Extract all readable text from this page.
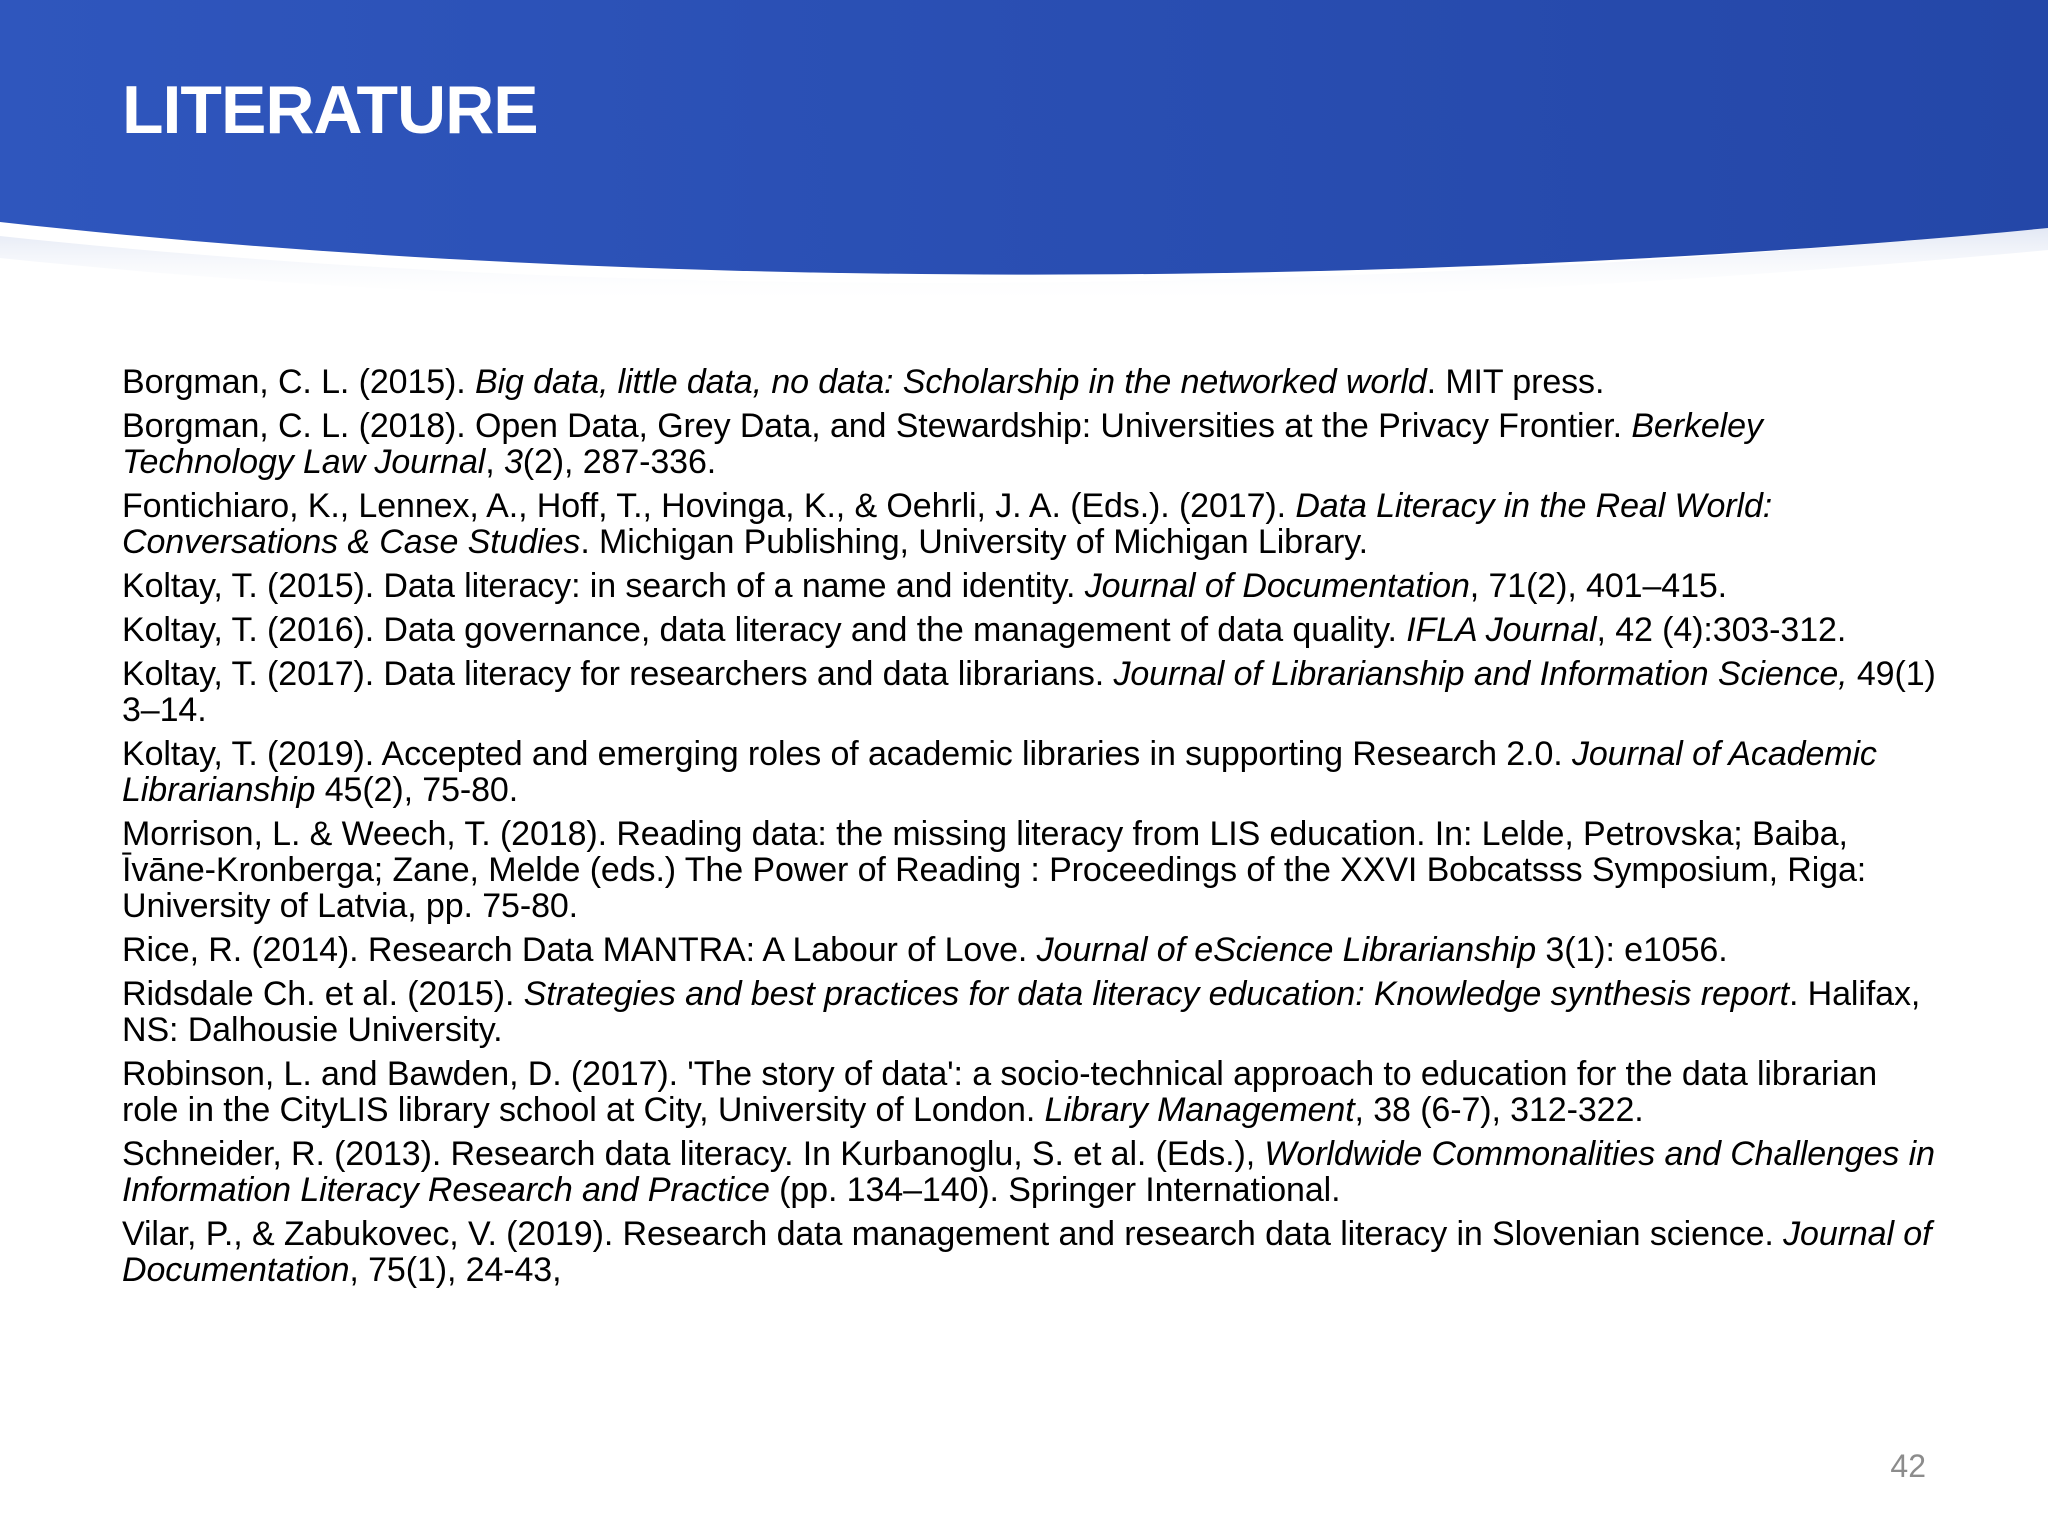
LITERATURE
Borgman, C. L. (2015). Big data, little data, no data: Scholarship in the networked world. MIT press.
Borgman, C. L. (2018). Open Data, Grey Data, and Stewardship: Universities at the Privacy Frontier. Berkeley Technology Law Journal, 3(2), 287-336.
Fontichiaro, K., Lennex, A., Hoff, T., Hovinga, K., & Oehrli, J. A. (Eds.). (2017). Data Literacy in the Real World: Conversations & Case Studies. Michigan Publishing, University of Michigan Library.
Koltay, T. (2015). Data literacy: in search of a name and identity. Journal of Documentation, 71(2), 401–415.
Koltay, T. (2016). Data governance, data literacy and the management of data quality. IFLA Journal, 42 (4):303-312.
Koltay, T. (2017). Data literacy for researchers and data librarians. Journal of Librarianship and Information Science, 49(1) 3–14.
Koltay, T. (2019). Accepted and emerging roles of academic libraries in supporting Research 2.0. Journal of Academic Librarianship 45(2), 75-80.
Morrison, L. & Weech, T. (2018). Reading data: the missing literacy from LIS education. In: Lelde, Petrovska; Baiba, Īvāne-Kronberga; Zane, Melde (eds.) The Power of Reading : Proceedings of the XXVI Bobcatsss Symposium, Riga: University of Latvia, pp. 75-80.
Rice, R. (2014). Research Data MANTRA: A Labour of Love. Journal of eScience Librarianship 3(1): e1056.
Ridsdale Ch. et al. (2015). Strategies and best practices for data literacy education: Knowledge synthesis report. Halifax, NS: Dalhousie University.
Robinson, L. and Bawden, D. (2017). 'The story of data': a socio-technical approach to education for the data librarian role in the CityLIS library school at City, University of London. Library Management, 38 (6-7), 312-322.
Schneider, R. (2013). Research data literacy. In Kurbanoglu, S. et al. (Eds.), Worldwide Commonalities and Challenges in Information Literacy Research and Practice (pp. 134–140). Springer International.
Vilar, P., & Zabukovec, V. (2019). Research data management and research data literacy in Slovenian science. Journal of Documentation, 75(1), 24-43,
42
